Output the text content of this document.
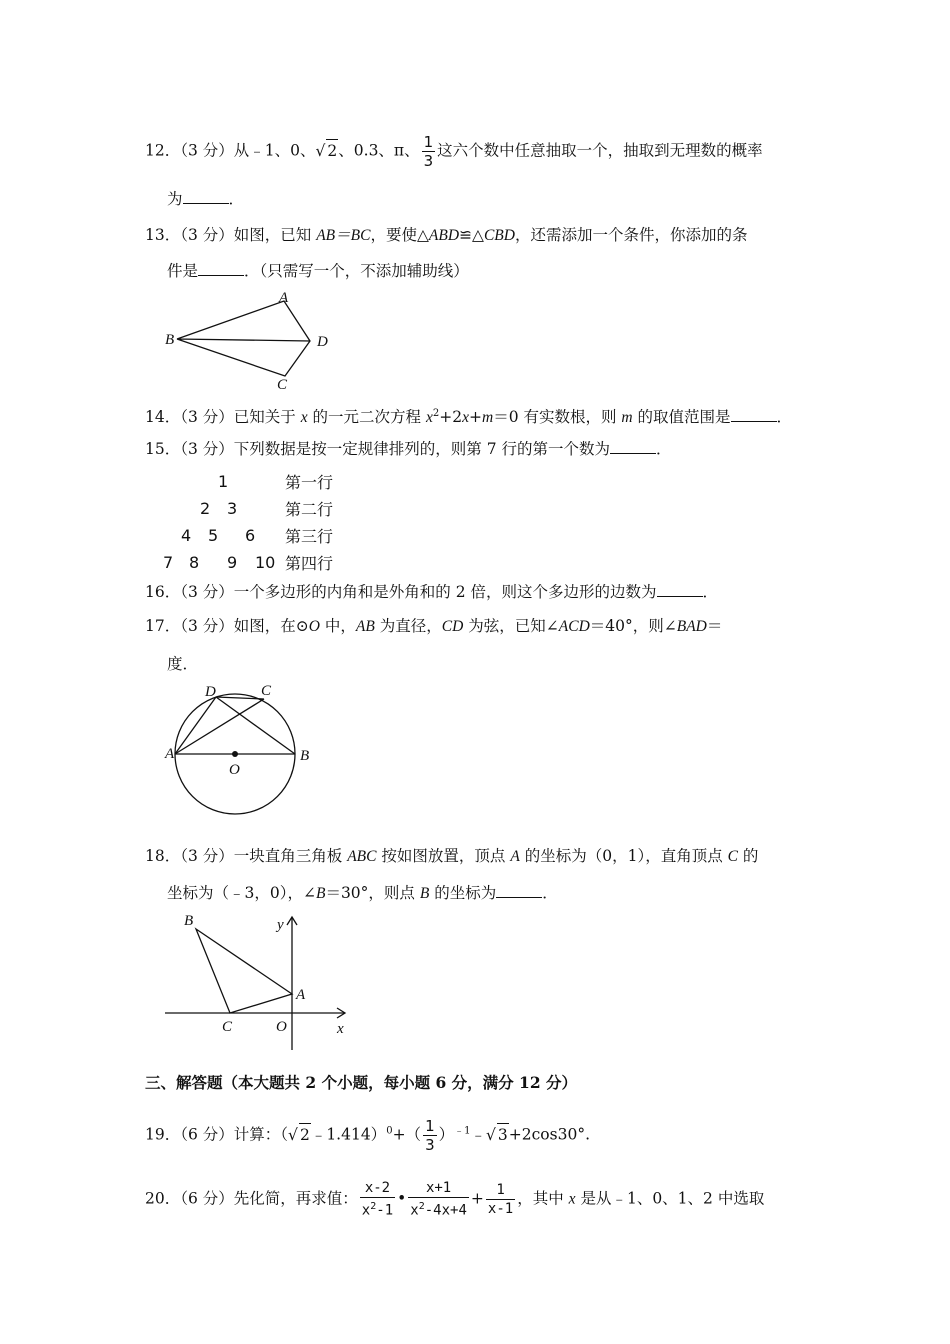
12．（3 分）从﹣1、0、√ 2、0.3、π、 $\frac{1}{3}$ 这六个数中任意抽取一个，抽取到无理数的概率
为	．
13．（3 分）如图，已知 AB＝BC，要使△ABD≌△CBD，还需添加一个条件，你添加的条
件是	．（只需写一个，不添加辅助线）
A
B
C
D
14．（3 分）已知关于 x 的一元二次方程 $x^2+2x+m=0$ 有实数根，则 m 的取值范围是	．
15．（3 分）下列数据是按一定规律排列的，则第 7 行的第一个数为	．
1	第一行
2 3	第二行
4 5 6 第三行
7 8 9 10 第四行
16．（3 分）一个多边形的内角和是外角和的 2 倍，则这个多边形的边数为	．
17．（3 分）如图，在⊙O 中，AB 为直径，CD 为弦，已知∠ACD＝40°，则∠BAD＝
度．
A	B
C
D
O
18．（3 分）一块直角三角板 ABC 按如图放置，顶点 A 的坐标为（0，1），直角顶点 C 的
坐标为（﹣3，0），∠B＝30°，则点 B 的坐标为	．
B
C
A
O	x
y
三、解答题（本大题共 2 个小题，每小题 6 分，满分 12 分）
19．（6 分）计算：（√ 2﹣1.414）$^0$+（ $\frac{1}{3}$ ）$^{﹣1}$﹣√ 3+2cos30°.
20．（6 分）先化简，再求值： $\frac{x-2}{x^2-1}$ • $\frac{x+1}{x^2-4x+4} + \frac{1}{x-1}$ ，其中 x 是从﹣1、0、1、2 中选取
